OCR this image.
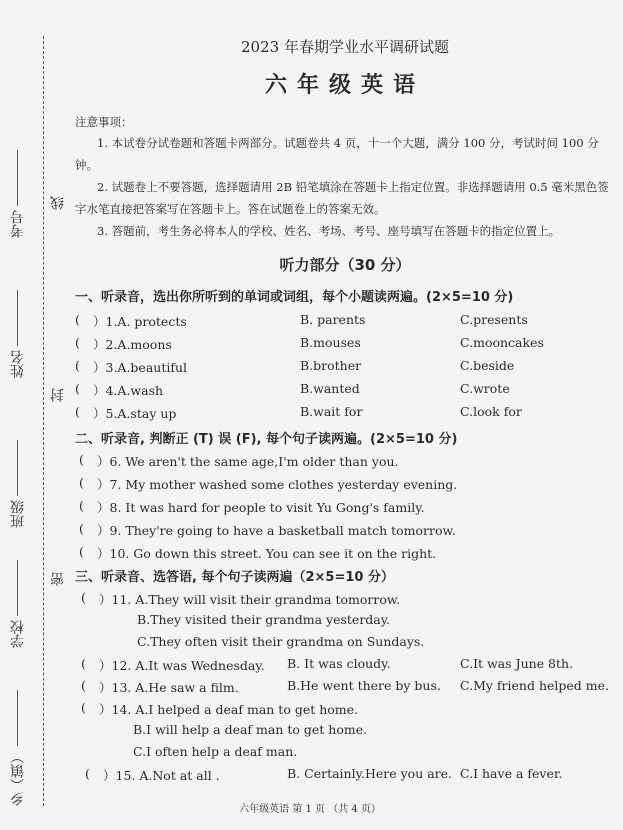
密
封
线
乡（镇）
学校
班级
姓名
考号
2023 年春期学业水平调研试题
六年级英语
注意事项：
1. 本试卷分试卷题和答题卡两部分。试题卷共 4 页，十一个大题，满分 100 分，考试时间 100 分钟。
2. 试题卷上不要答题，选择题请用 2B 铅笔填涂在答题卡上指定位置。非选择题请用 0.5 毫米黑色签字水笔直接把答案写在答题卡上。答在试题卷上的答案无效。
3. 答题前，考生务必将本人的学校、姓名、考场、考号、座号填写在答题卡的指定位置上。
听力部分（30 分）
一、听录音，选出你所听到的单词或词组，每个小题读两遍。(2×5=10 分)
( ）1.A. protects	B. parents	C.presents
( ）2.A.moons	B.mouses	C.mooncakes
( ）3.A.beautiful	B.brother	C.beside
( ）4.A.wash	B.wanted	C.wrote
( ）5.A.stay up	B.wait for	C.look for
二、听录音, 判断正 (T) 误 (F), 每个句子读两遍。(2×5=10 分)
( ）6. We aren't the same age,I'm older than you.
( ）7. My mother washed some clothes yesterday evening.
( ）8. It was hard for people to visit Yu Gong's family.
( ）9. They're going to have a basketball match tomorrow.
( ）10. Go down this street. You can see it on the right.
三、听录音、选答语, 每个句子读两遍（2×5=10 分）
( ）11. A.They will visit their grandma tomorrow.
B.They visited their grandma yesterday.
C.They often visit their grandma on Sundays.
( ）12. A.It was Wednesday. B. It was cloudy.	C.It was June 8th.
( ）13. A.He saw a film.	B.He went there by bus. C.My friend helped me.
( ）14. A.I helped a deaf man to get home.
B.I will help a deaf man to get home.
C.I often help a deaf man.
( ）15. A.Not at all .	B. Certainly.Here you are. C.I have a fever.
六年级英语 第 1 页 （共 4 页）
